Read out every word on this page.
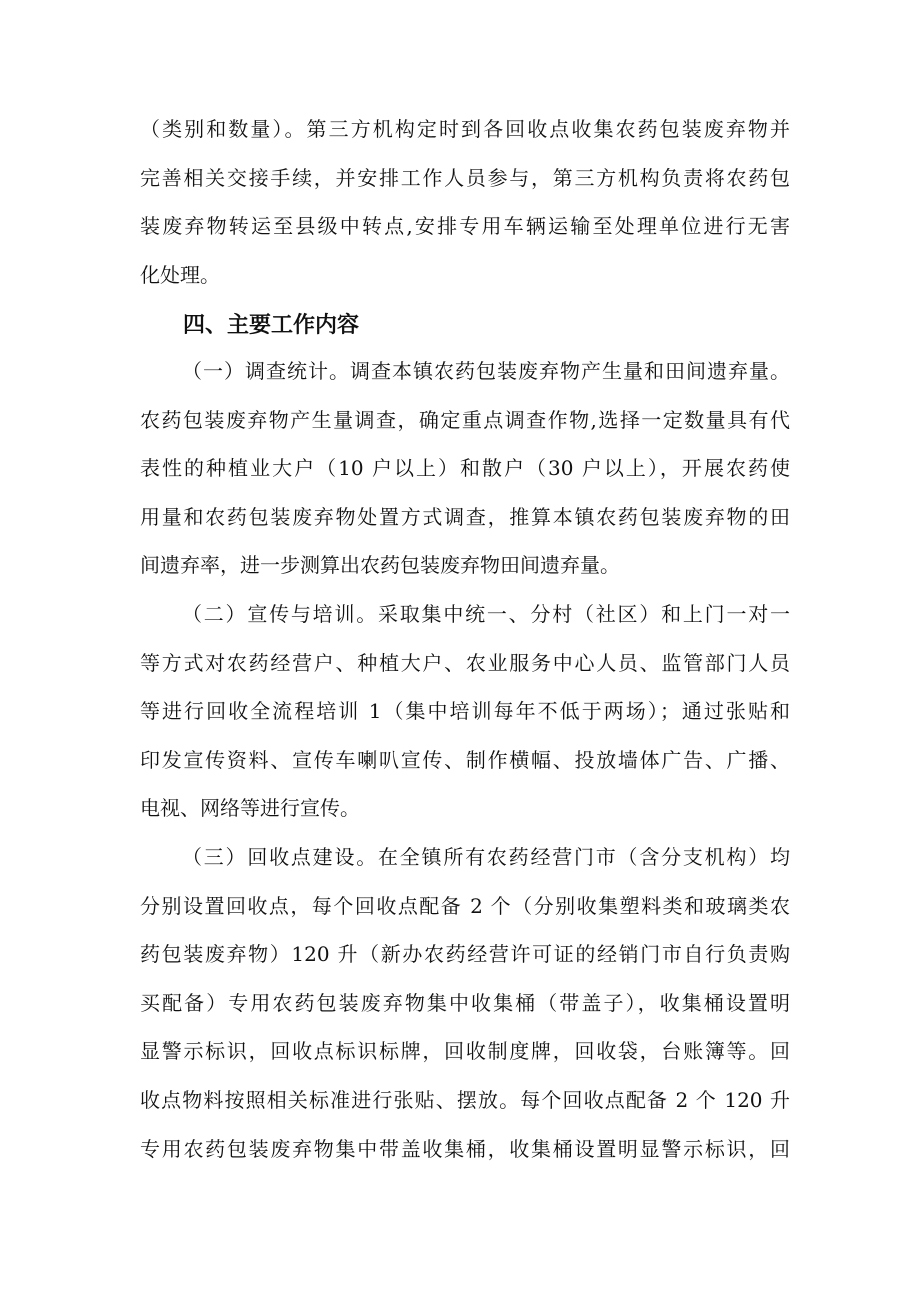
（类别和数量）。第三方机构定时到各回收点收集农药包装废弃物并
完善相关交接手续，并安排工作人员参与，第三方机构负责将农药包
装废弃物转运至县级中转点,安排专用车辆运输至处理单位进行无害
化处理。
四、主要工作内容
（一）调查统计。调查本镇农药包装废弃物产生量和田间遗弃量。
农药包装废弃物产生量调查，确定重点调查作物,选择一定数量具有代
表性的种植业大户（10 户以上）和散户（30 户以上），开展农药使
用量和农药包装废弃物处置方式调查，推算本镇农药包装废弃物的田
间遗弃率，进一步测算出农药包装废弃物田间遗弃量。
（二）宣传与培训。采取集中统一、分村（社区）和上门一对一
等方式对农药经营户、种植大户、农业服务中心人员、监管部门人员
等进行回收全流程培训 1（集中培训每年不低于两场）；通过张贴和
印发宣传资料、宣传车喇叭宣传、制作横幅、投放墙体广告、广播、
电视、网络等进行宣传。
（三）回收点建设。在全镇所有农药经营门市（含分支机构）均
分别设置回收点，每个回收点配备 2 个（分别收集塑料类和玻璃类农
药包装废弃物）120 升（新办农药经营许可证的经销门市自行负责购
买配备）专用农药包装废弃物集中收集桶（带盖子），收集桶设置明
显警示标识，回收点标识标牌，回收制度牌，回收袋，台账簿等。回
收点物料按照相关标准进行张贴、摆放。每个回收点配备 2 个 120 升
专用农药包装废弃物集中带盖收集桶，收集桶设置明显警示标识，回
